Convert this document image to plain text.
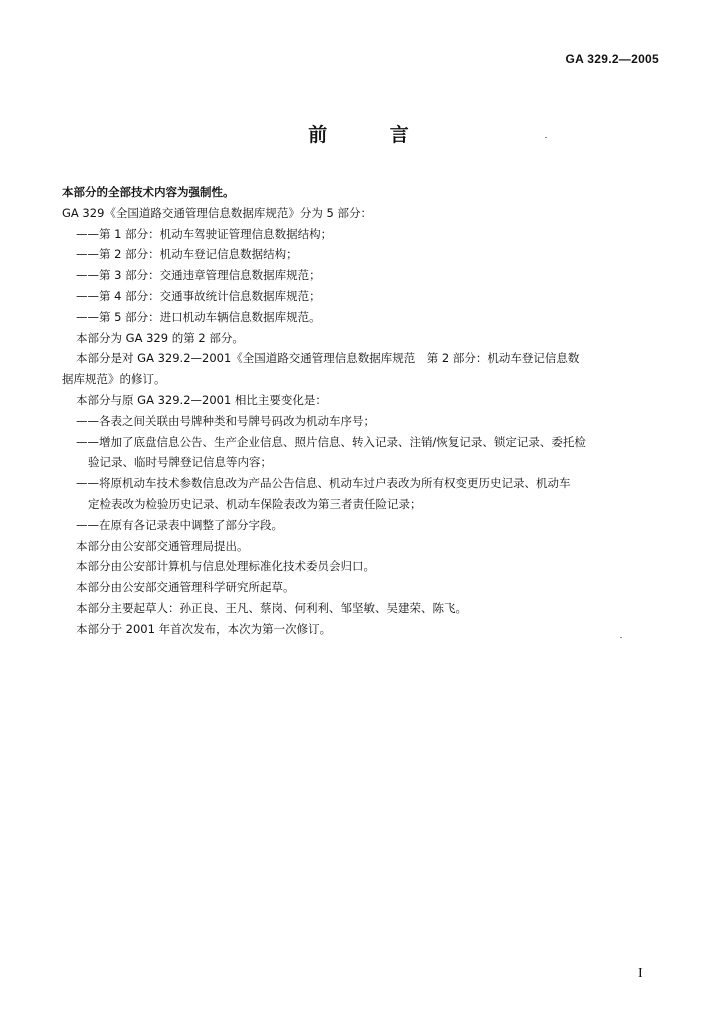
GA 329.2—2005
前 言
本部分的全部技术内容为强制性。
GA 329《全国道路交通管理信息数据库规范》分为 5 部分：
——第 1 部分：机动车驾驶证管理信息数据结构；
——第 2 部分：机动车登记信息数据结构；
——第 3 部分：交通违章管理信息数据库规范；
——第 4 部分：交通事故统计信息数据库规范；
——第 5 部分：进口机动车辆信息数据库规范。
本部分为 GA 329 的第 2 部分。
本部分是对 GA 329.2—2001《全国道路交通管理信息数据库规范　第 2 部分：机动车登记信息数
据库规范》的修订。
本部分与原 GA 329.2—2001 相比主要变化是：
——各表之间关联由号牌种类和号牌号码改为机动车序号；
——增加了底盘信息公告、生产企业信息、照片信息、转入记录、注销/恢复记录、锁定记录、委托检
验记录、临时号牌登记信息等内容；
——将原机动车技术参数信息改为产品公告信息、机动车过户表改为所有权变更历史记录、机动车
定检表改为检验历史记录、机动车保险表改为第三者责任险记录；
——在原有各记录表中调整了部分字段。
本部分由公安部交通管理局提出。
本部分由公安部计算机与信息处理标准化技术委员会归口。
本部分由公安部交通管理科学研究所起草。
本部分主要起草人：孙正良、王凡、蔡岗、何利利、邹坚敏、吴建荣、陈飞。
本部分于 2001 年首次发布，本次为第一次修订。
I
